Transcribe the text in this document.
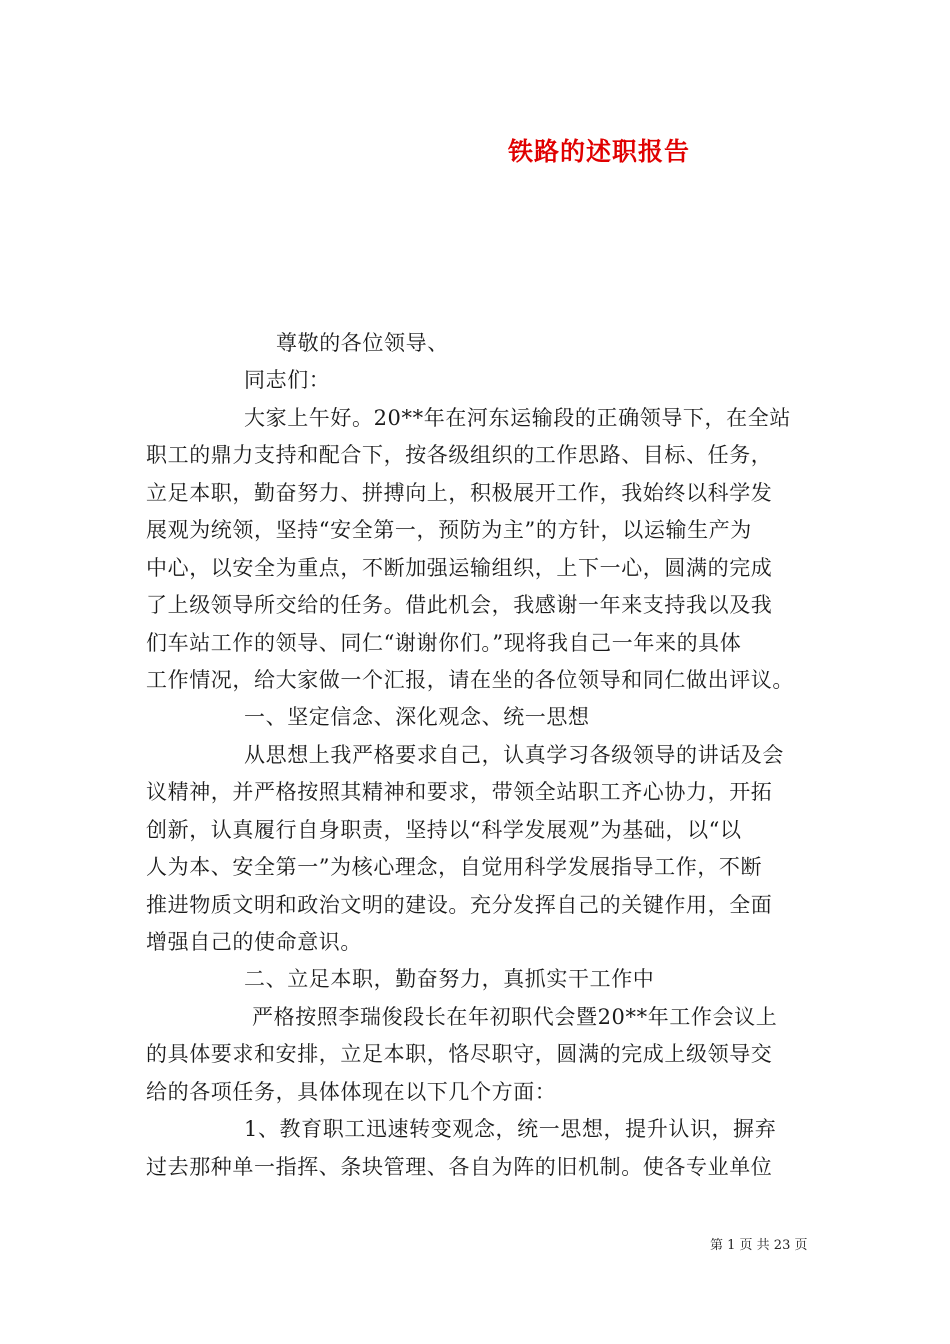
铁路的述职报告

尊敬的各位领导、

同志们：

大家上午好。20**年在河东运输段的正确领导下，在全站

职工的鼎力支持和配合下，按各级组织的工作思路、目标、任务，

立足本职，勤奋努力、拼搏向上，积极展开工作，我始终以科学发

展观为统领，坚持“安全第一，预防为主”的方针，以运输生产为

中心，以安全为重点，不断加强运输组织，上下一心，圆满的完成

了上级领导所交给的任务。借此机会，我感谢一年来支持我以及我

们车站工作的领导、同仁“谢谢你们。”现将我自己一年来的具体

工作情况，给大家做一个汇报，请在坐的各位领导和同仁做出评议。

一、坚定信念、深化观念、统一思想

从思想上我严格要求自己，认真学习各级领导的讲话及会

议精神，并严格按照其精神和要求，带领全站职工齐心协力，开拓

创新，认真履行自身职责，坚持以“科学发展观”为基础，以“以

人为本、安全第一”为核心理念，自觉用科学发展指导工作，不断

推进物质文明和政治文明的建设。充分发挥自己的关键作用，全面

增强自己的使命意识。

二、立足本职，勤奋努力，真抓实干工作中

严格按照李瑞俊段长在年初职代会暨20**年工作会议上

的具体要求和安排，立足本职，恪尽职守，圆满的完成上级领导交

给的各项任务，具体体现在以下几个方面：

1、教育职工迅速转变观念，统一思想，提升认识，摒弃

过去那种单一指挥、条块管理、各自为阵的旧机制。使各专业单位

第 1 页 共 23 页
